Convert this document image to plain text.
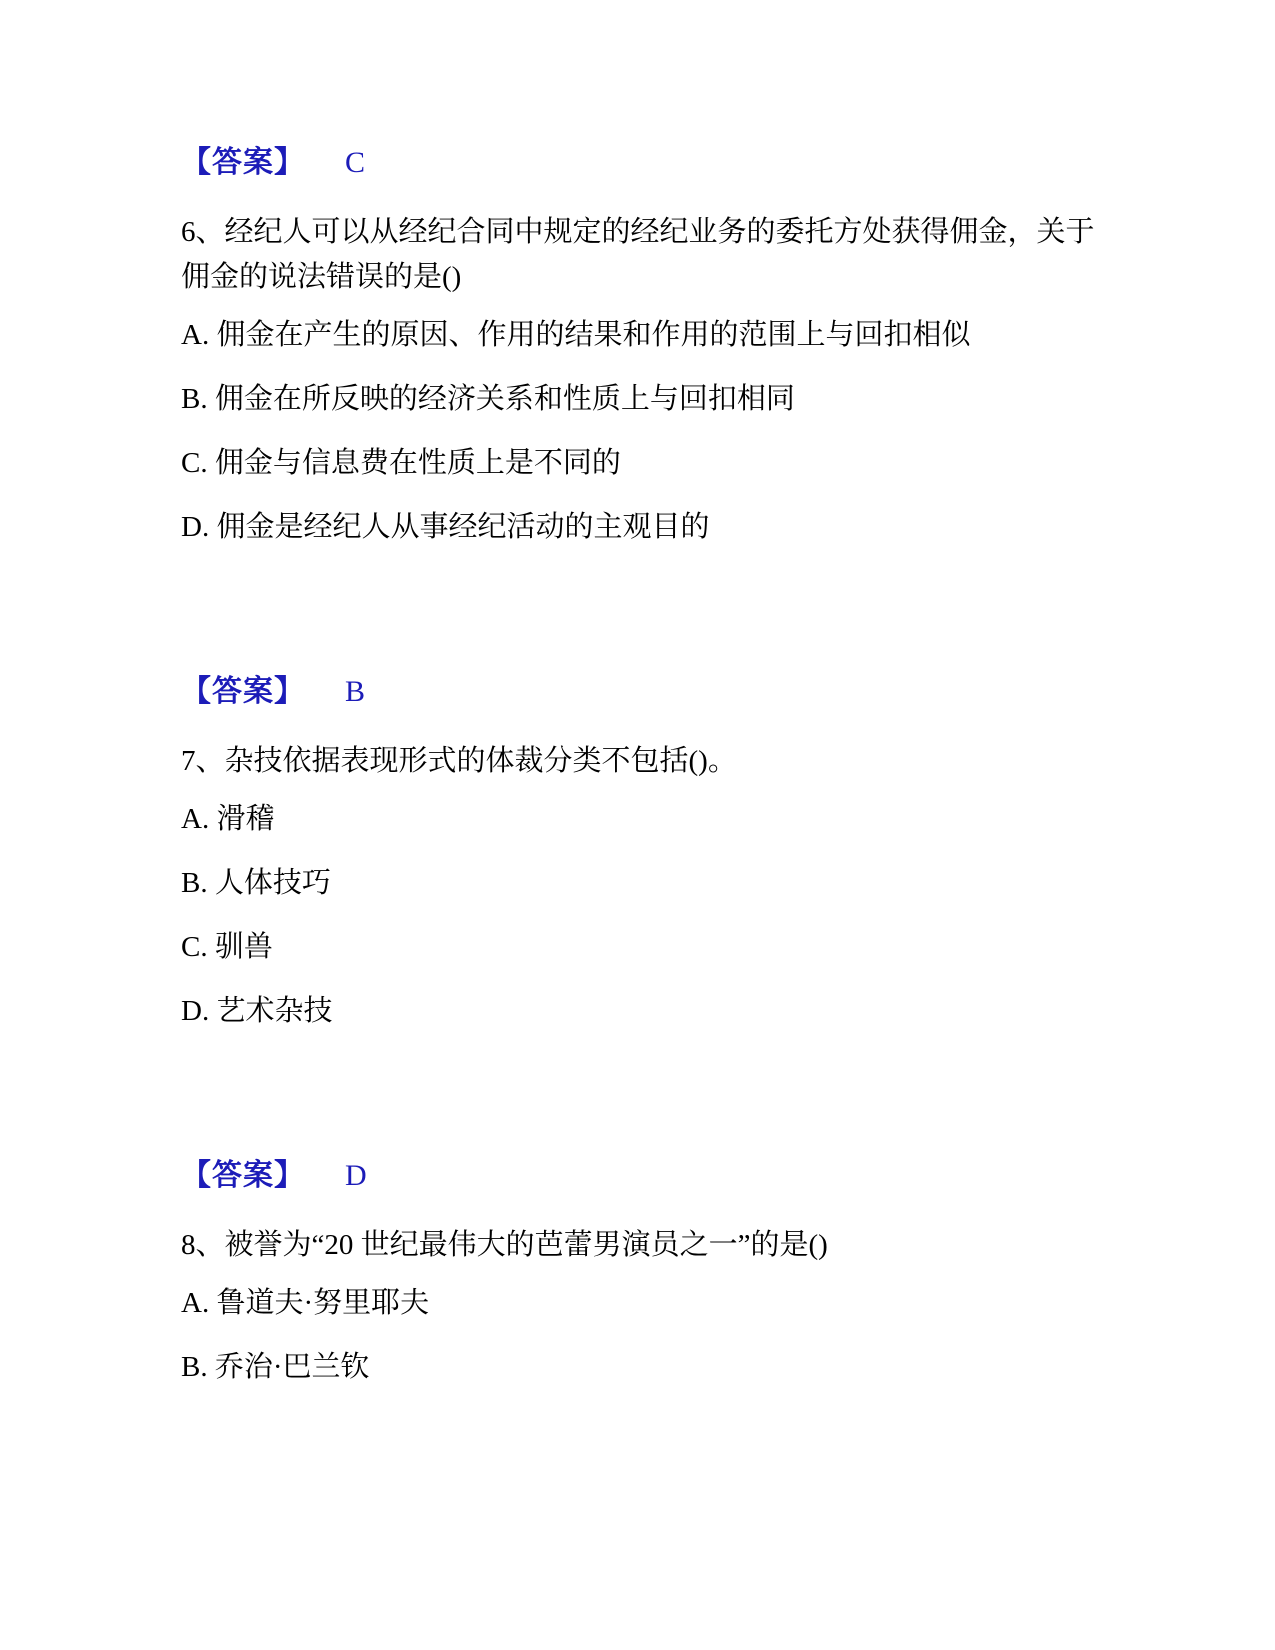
【答案】 C

6、经纪人可以从经纪合同中规定的经纪业务的委托方处获得佣金，关于佣金的说法错误的是()

A. 佣金在产生的原因、作用的结果和作用的范围上与回扣相似

B. 佣金在所反映的经济关系和性质上与回扣相同

C. 佣金与信息费在性质上是不同的

D. 佣金是经纪人从事经纪活动的主观目的

【答案】 B

7、杂技依据表现形式的体裁分类不包括()。

A. 滑稽

B. 人体技巧

C. 驯兽

D. 艺术杂技

【答案】 D

8、被誉为“20 世纪最伟大的芭蕾男演员之一”的是()

A. 鲁道夫·努里耶夫

B. 乔治·巴兰钦
